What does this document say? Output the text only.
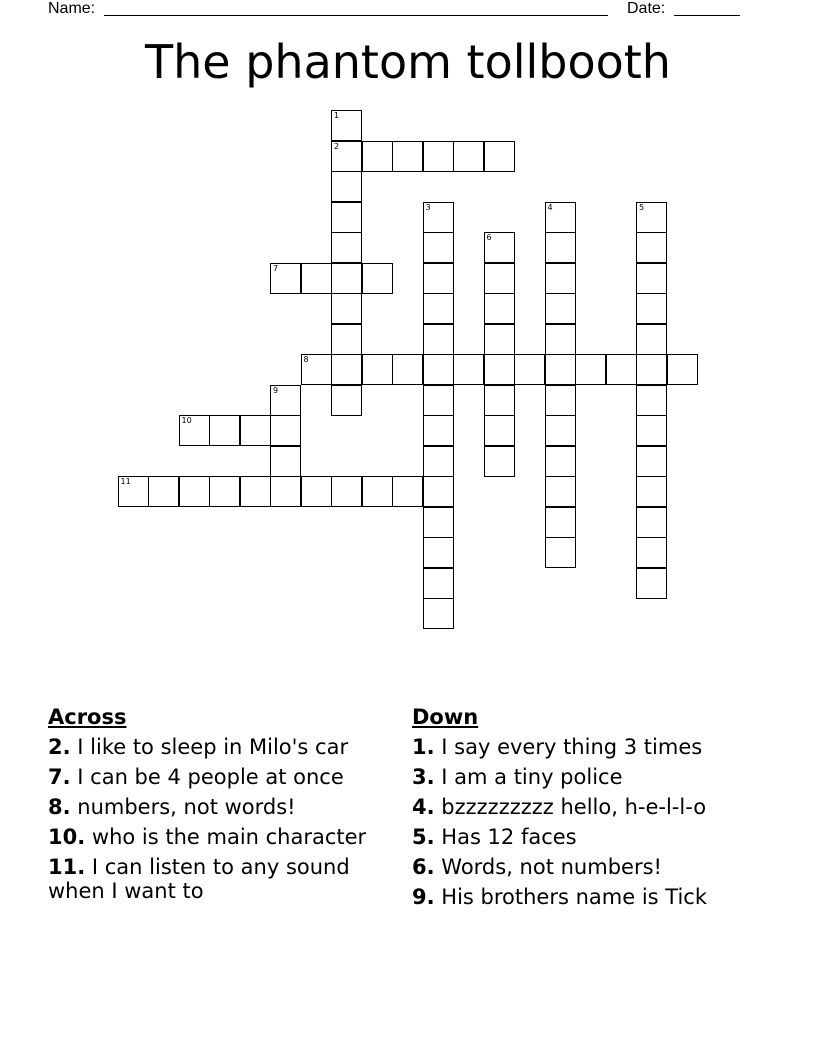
Name:	Date:
The phantom tollbooth
2
7
8
10
11
1
3
6
4	5
9
Across
2. I like to sleep in Milo's car
7. I can be 4 people at once
8. numbers, not words!
10. who is the main character
11. I can listen to any sound when I want to
Down
1. I say every thing 3 times
3. I am a tiny police
4. bzzzzzzzzz hello, h-e-l-l-o
5. Has 12 faces
6. Words, not numbers!
9. His brothers name is Tick
